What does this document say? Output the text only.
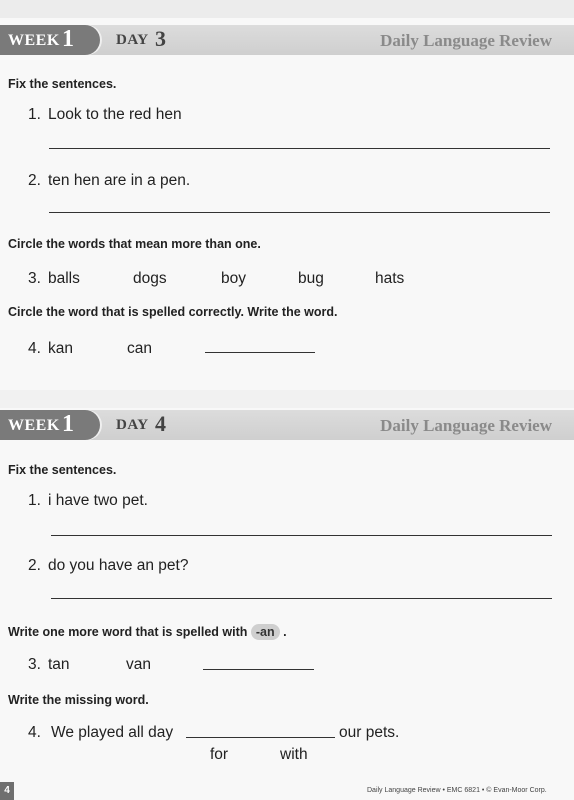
WEEK 1	DAY 3	Daily Language Review
Fix the sentences.
1. Look to the red hen
2. ten hen are in a pen.
Circle the words that mean more than one.
3. balls	dogs	boy	bug	hats
Circle the word that is spelled correctly. Write the word.
4. kan	can
WEEK 1	DAY 4	Daily Language Review
Fix the sentences.
1. i have two pet.
2. do you have an pet?
Write one more word that is spelled with -an .
3. tan	van
Write the missing word.
4. We played all day	our pets.
for	with
4	Daily Language Review • EMC 6821 • © Evan-Moor Corp.
